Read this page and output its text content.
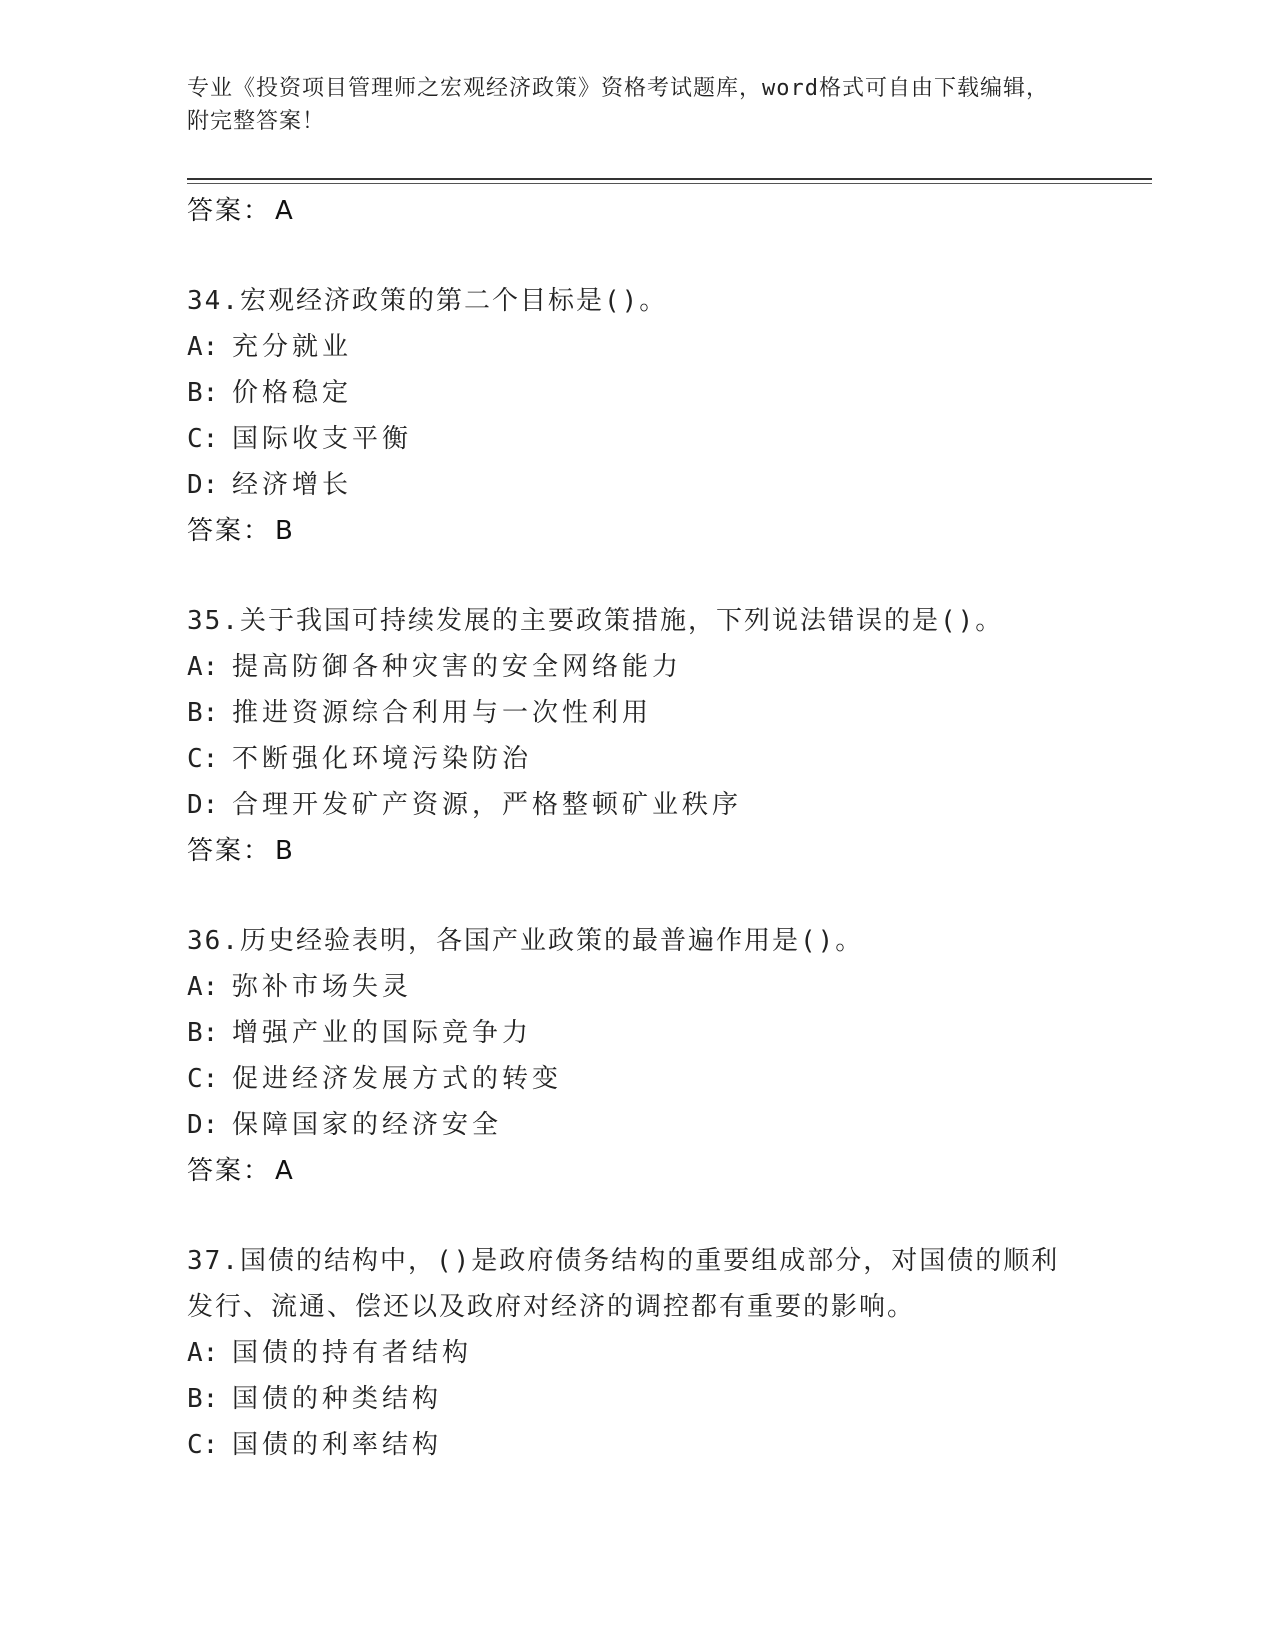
专业《投资项目管理师之宏观经济政策》资格考试题库，word格式可自由下载编辑，附完整答案！
答案： A
34.宏观经济政策的第二个目标是()。
A: 充分就业
B: 价格稳定
C: 国际收支平衡
D: 经济增长
答案： B
35.关于我国可持续发展的主要政策措施，下列说法错误的是()。
A: 提高防御各种灾害的安全网络能力
B: 推进资源综合利用与一次性利用
C: 不断强化环境污染防治
D: 合理开发矿产资源，严格整顿矿业秩序
答案： B
36.历史经验表明，各国产业政策的最普遍作用是()。
A: 弥补市场失灵
B: 增强产业的国际竞争力
C: 促进经济发展方式的转变
D: 保障国家的经济安全
答案： A
37.国债的结构中，()是政府债务结构的重要组成部分，对国债的顺利发行、流通、偿还以及政府对经济的调控都有重要的影响。
A: 国债的持有者结构
B: 国债的种类结构
C: 国债的利率结构
